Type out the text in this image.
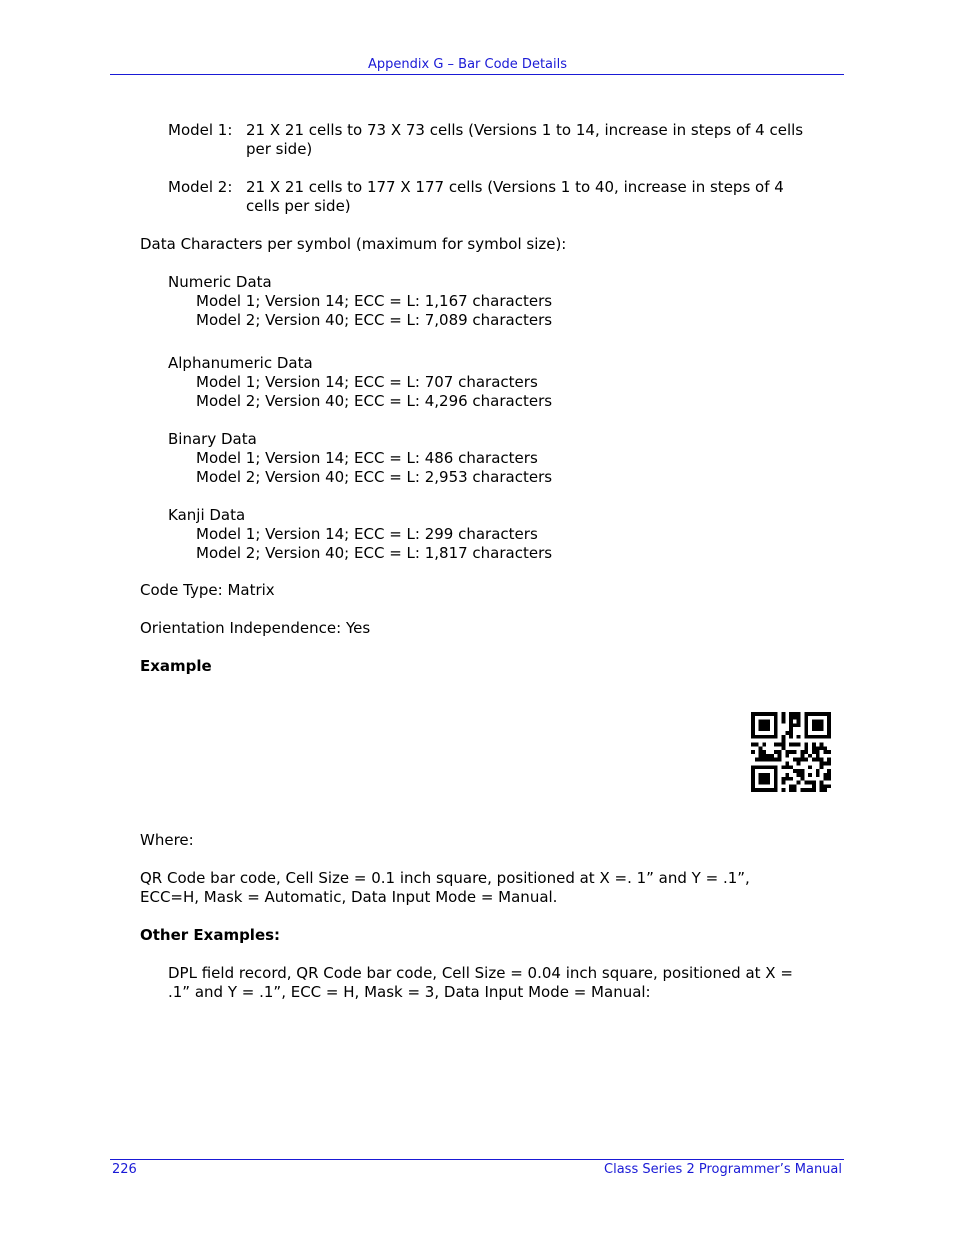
Appendix G – Bar Code Details
Model 1: 21 X 21 cells to 73 X 73 cells (Versions 1 to 14, increase in steps of 4 cells
per side)
Model 2: 21 X 21 cells to 177 X 177 cells (Versions 1 to 40, increase in steps of 4
cells per side)
Data Characters per symbol (maximum for symbol size):
Numeric Data
Model 1; Version 14; ECC = L: 1,167 characters
Model 2; Version 40; ECC = L: 7,089 characters
Alphanumeric Data
Model 1; Version 14; ECC = L: 707 characters
Model 2; Version 40; ECC = L: 4,296 characters
Binary Data
Model 1; Version 14; ECC = L: 486 characters
Model 2; Version 40; ECC = L: 2,953 characters
Kanji Data
Model 1; Version 14; ECC = L: 299 characters
Model 2; Version 40; ECC = L: 1,817 characters
Code Type: Matrix
Orientation Independence: Yes
Example
Where:
QR Code bar code, Cell Size = 0.1 inch square, positioned at X =. 1” and Y = .1”,
ECC=H, Mask = Automatic, Data Input Mode = Manual.
Other Examples:
DPL field record, QR Code bar code, Cell Size = 0.04 inch square, positioned at X =
.1” and Y = .1”, ECC = H, Mask = 3, Data Input Mode = Manual:
226	Class Series 2 Programmer’s Manual
